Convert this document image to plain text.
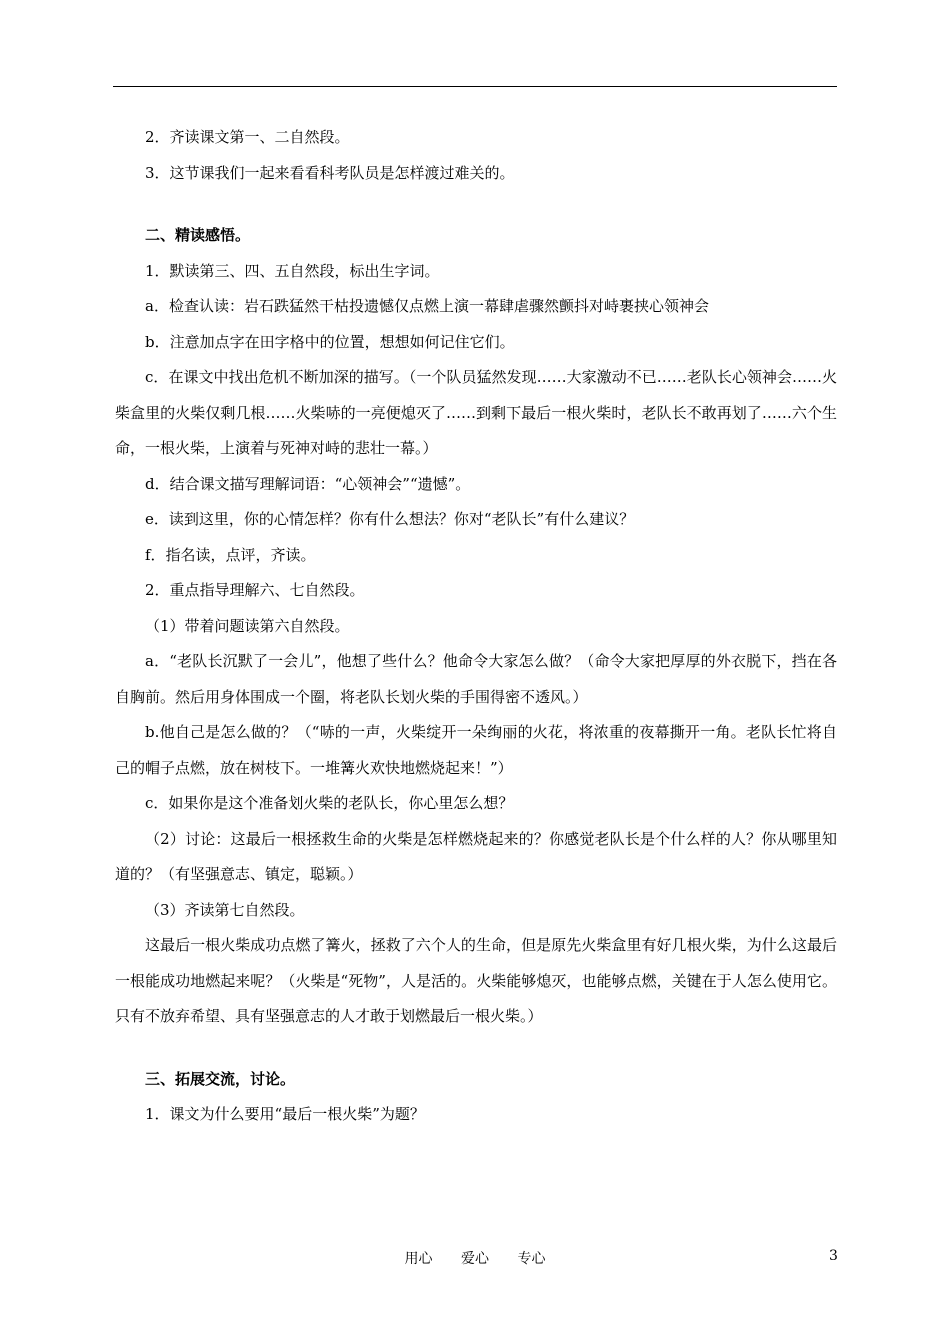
2．齐读课文第一、二自然段。

3．这节课我们一起来看看科考队员是怎样渡过难关的。

二、精读感悟。

1．默读第三、四、五自然段，标出生字词。

a．检查认读：岩石跌猛然干枯投遗憾仅点燃上演一幕肆虐骤然颤抖对峙裹挟心领神会

b．注意加点字在田字格中的位置，想想如何记住它们。

c．在课文中找出危机不断加深的描写。（一个队员猛然发现……大家激动不已……老队长心领神会……火柴盒里的火柴仅剩几根……火柴哧的一亮便熄灭了……到剩下最后一根火柴时，老队长不敢再划了……六个生命，一根火柴，上演着与死神对峙的悲壮一幕。）

d．结合课文描写理解词语：“心领神会”“遗憾”。

e．读到这里，你的心情怎样？你有什么想法？你对“老队长”有什么建议？

f．指名读，点评，齐读。

2．重点指导理解六、七自然段。

（1）带着问题读第六自然段。

a．“老队长沉默了一会儿”，他想了些什么？他命令大家怎么做？（命令大家把厚厚的外衣脱下，挡在各自胸前。然后用身体围成一个圈，将老队长划火柴的手围得密不透风。）

b.他自己是怎么做的？（“哧的一声，火柴绽开一朵绚丽的火花，将浓重的夜幕撕开一角。老队长忙将自己的帽子点燃，放在树枝下。一堆篝火欢快地燃烧起来！”）

c．如果你是这个准备划火柴的老队长，你心里怎么想？

（2）讨论：这最后一根拯救生命的火柴是怎样燃烧起来的？你感觉老队长是个什么样的人？你从哪里知道的？（有坚强意志、镇定，聪颖。）

（3）齐读第七自然段。

这最后一根火柴成功点燃了篝火，拯救了六个人的生命，但是原先火柴盒里有好几根火柴，为什么这最后一根能成功地燃起来呢？（火柴是“死物”，人是活的。火柴能够熄灭，也能够点燃，关键在于人怎么使用它。只有不放弃希望、具有坚强意志的人才敢于划燃最后一根火柴。）

三、拓展交流，讨论。

1．课文为什么要用“最后一根火柴”为题？

用心 爱心 专心	3
